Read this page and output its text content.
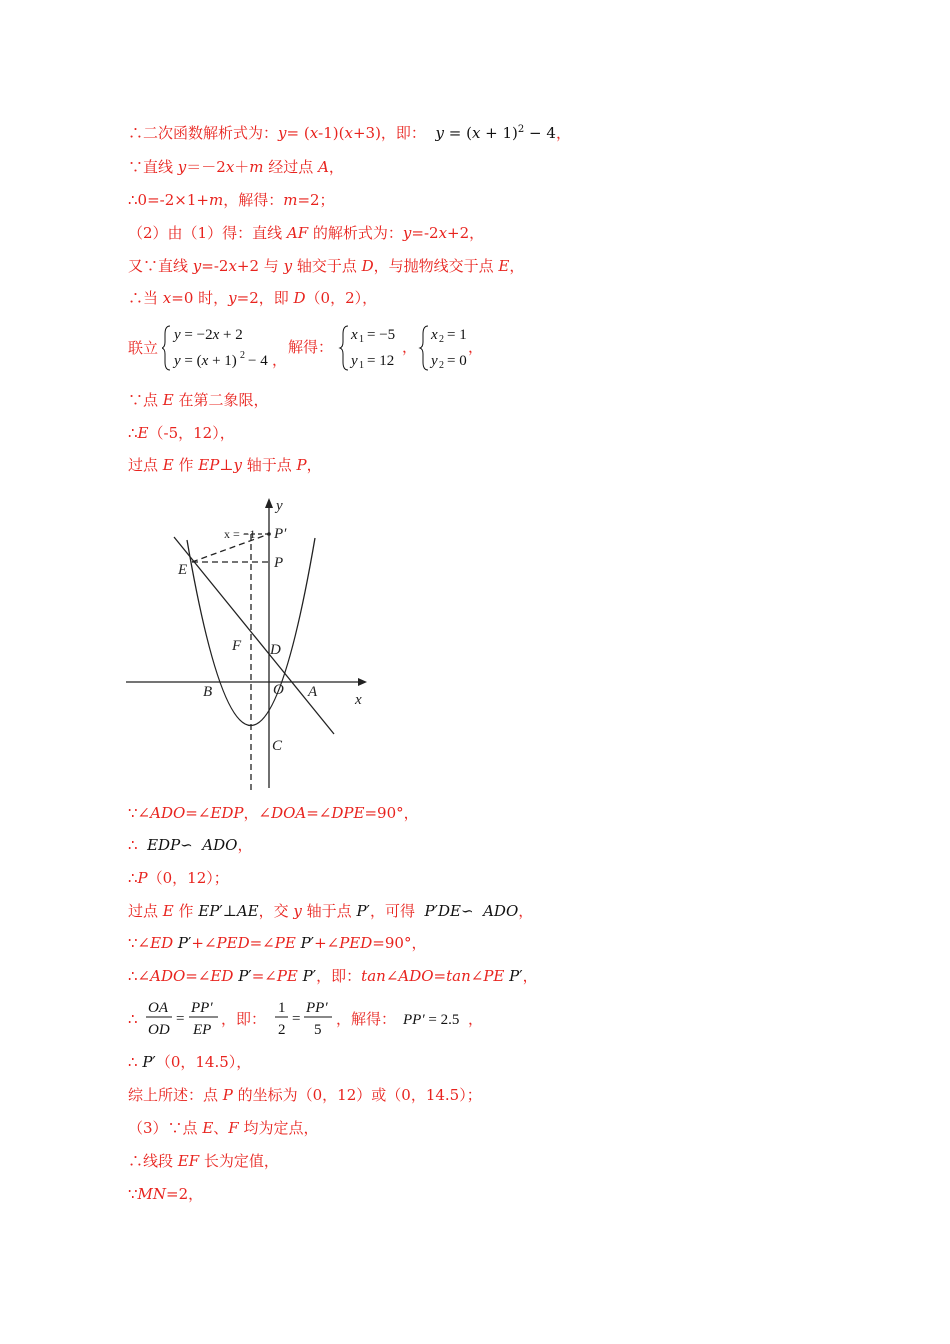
∴二次函数解析式为：y= (x-1)(x+3)，即：  $y = (x + 1)^2 - 4$，
∵直线 y＝－2x＋m 经过点 A，
∴0=-2×1+m，解得：m=2；
（2）由（1）得：直线 AF 的解析式为：y=-2x+2，
又∵直线 y=-2x+2 与 y 轴交于点 D，与抛物线交于点 E，
∴当 x=0 时，y=2，即 D（0，2），
联立
y = −2x + 2
y = (x + 1) 2 − 4 ，
解得：
x 1 = −5
y 1 = 12
，
x 2 = 1
y 2 = 0
，
∵点 E 在第二象限，
∴E（-5，12），
过点 E 作 EP⊥y 轴于点 P，
y
x
x = −1 P′
P
E
F D
B	O A
C
∵∠ADO=∠EDP，∠DOA=∠DPE=90°，
∴  EDP∽  ADO，
∴P（0，12）；
过点 E 作 EP′⊥AE，交 y 轴于点 P′，可得  P′DE∽  ADO，
∵∠ED P′+∠PED=∠PE P′+∠PED=90°，
∴∠ADO=∠ED P′=∠PE P′，即：tan∠ADO=tan∠PE P′，
∴
OA
OD
=
PP′
EP
，即：
1
2
=
PP′
5
，解得： PP′ = 2.5 ，
∴ P′（0，14.5），
综上所述：点 P 的坐标为（0，12）或（0，14.5）；
（3）∵点 E、F 均为定点，
∴线段 EF 长为定值，
∵MN=2，
